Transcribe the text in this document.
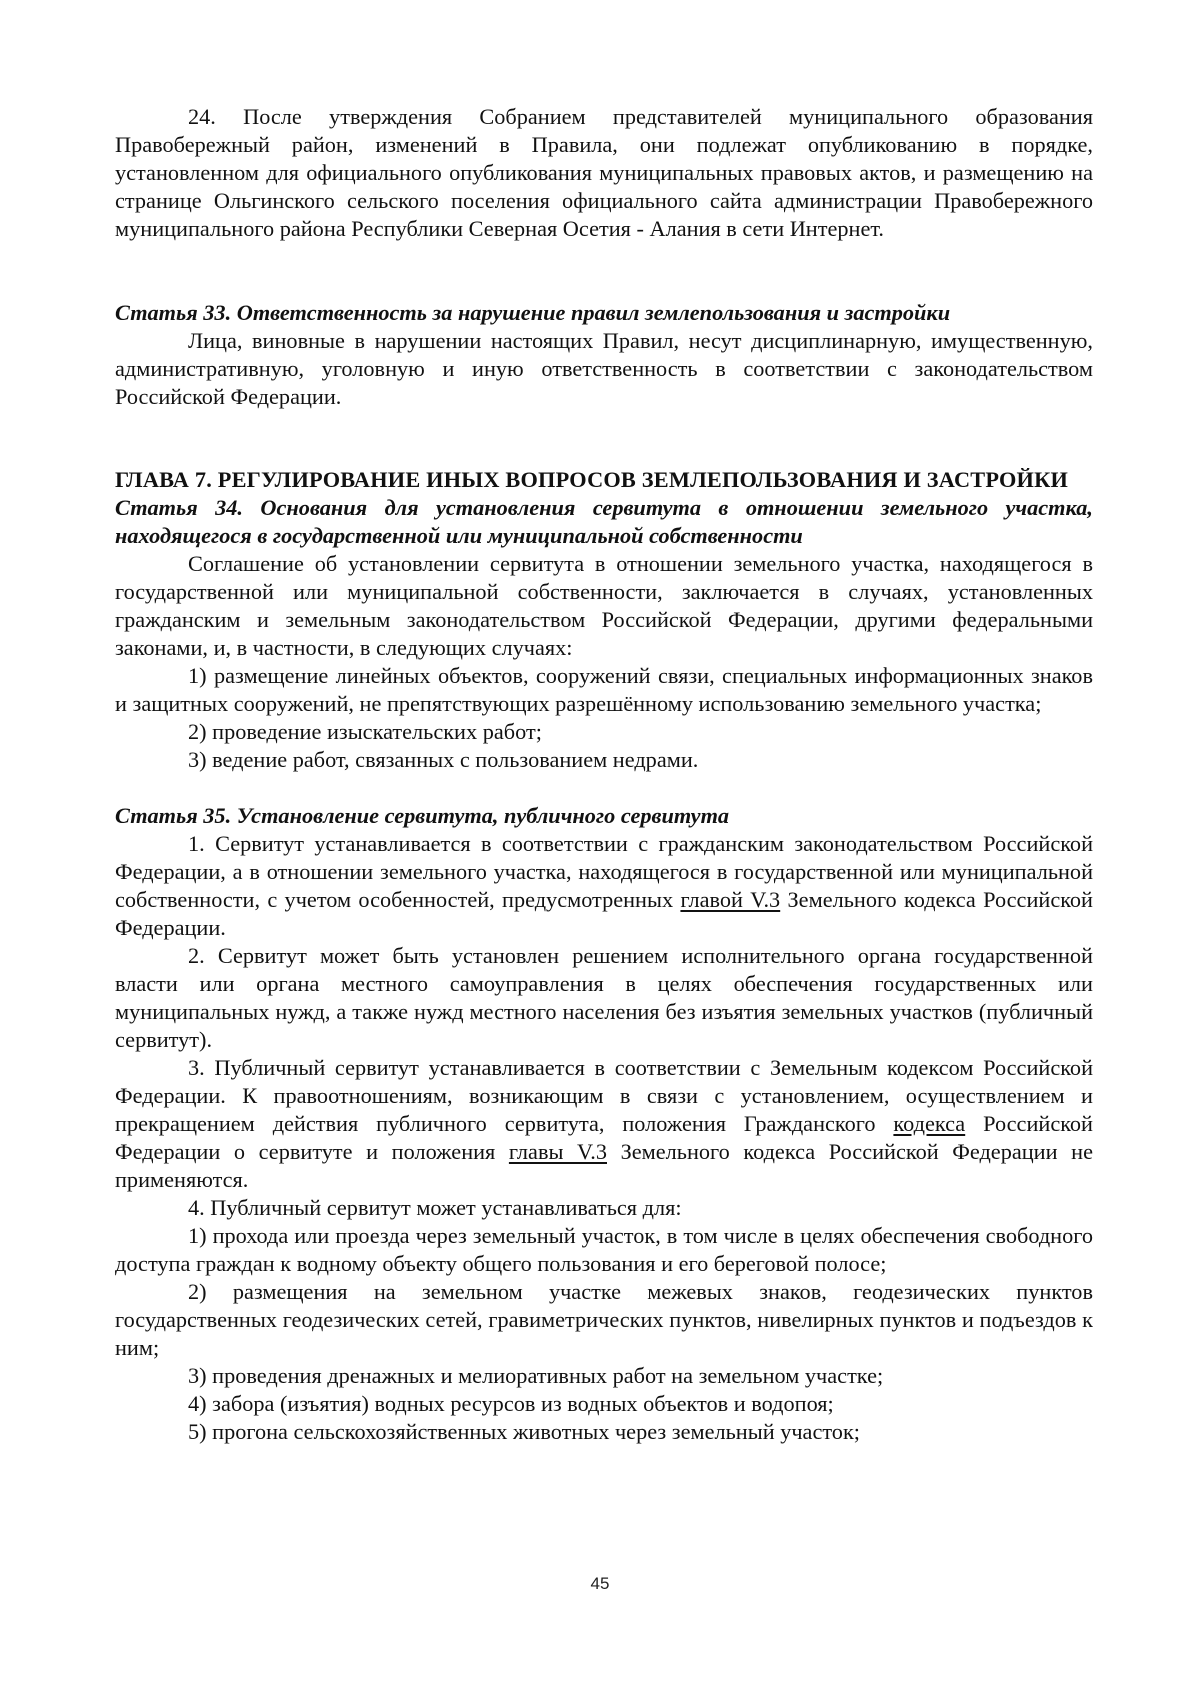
24. После утверждения Собранием представителей муниципального образования Правобережный район, изменений в Правила, они подлежат опубликованию в порядке, установленном для официального опубликования муниципальных правовых актов, и размещению на странице Ольгинского сельского поселения официального сайта администрации Правобережного муниципального района Республики Северная Осетия - Алания в сети Интернет.

Статья 33. Ответственность за нарушение правил землепользования и застройки

Лица, виновные в нарушении настоящих Правил, несут дисциплинарную, имущественную, административную, уголовную и иную ответственность в соответствии с законодательством Российской Федерации.

ГЛАВА 7. РЕГУЛИРОВАНИЕ ИНЫХ ВОПРОСОВ ЗЕМЛЕПОЛЬЗОВАНИЯ И ЗАСТРОЙКИ
Статья 34. Основания для установления сервитута в отношении земельного участка, находящегося в государственной или муниципальной собственности

Соглашение об установлении сервитута в отношении земельного участка, находящегося в государственной или муниципальной собственности, заключается в случаях, установленных гражданским и земельным законодательством Российской Федерации, другими федеральными законами, и, в частности, в следующих случаях:

1) размещение линейных объектов, сооружений связи, специальных информационных знаков и защитных сооружений, не препятствующих разрешённому использованию земельного участка;

2) проведение изыскательских работ;

3) ведение работ, связанных с пользованием недрами.

Статья 35. Установление сервитута, публичного сервитута

1. Сервитут устанавливается в соответствии с гражданским законодательством Российской Федерации, а в отношении земельного участка, находящегося в государственной или муниципальной собственности, с учетом особенностей, предусмотренных главой V.3 Земельного кодекса Российской Федерации.

2. Сервитут может быть установлен решением исполнительного органа государственной власти или органа местного самоуправления в целях обеспечения государственных или муниципальных нужд, а также нужд местного населения без изъятия земельных участков (публичный сервитут).

3. Публичный сервитут устанавливается в соответствии с Земельным кодексом Российской Федерации. К правоотношениям, возникающим в связи с установлением, осуществлением и прекращением действия публичного сервитута, положения Гражданского кодекса Российской Федерации о сервитуте и положения главы V.3 Земельного кодекса Российской Федерации не применяются.

4. Публичный сервитут может устанавливаться для:

1) прохода или проезда через земельный участок, в том числе в целях обеспечения свободного доступа граждан к водному объекту общего пользования и его береговой полосе;

2) размещения на земельном участке межевых знаков, геодезических пунктов государственных геодезических сетей, гравиметрических пунктов, нивелирных пунктов и подъездов к ним;

3) проведения дренажных и мелиоративных работ на земельном участке;

4) забора (изъятия) водных ресурсов из водных объектов и водопоя;

5) прогона сельскохозяйственных животных через земельный участок;

45
